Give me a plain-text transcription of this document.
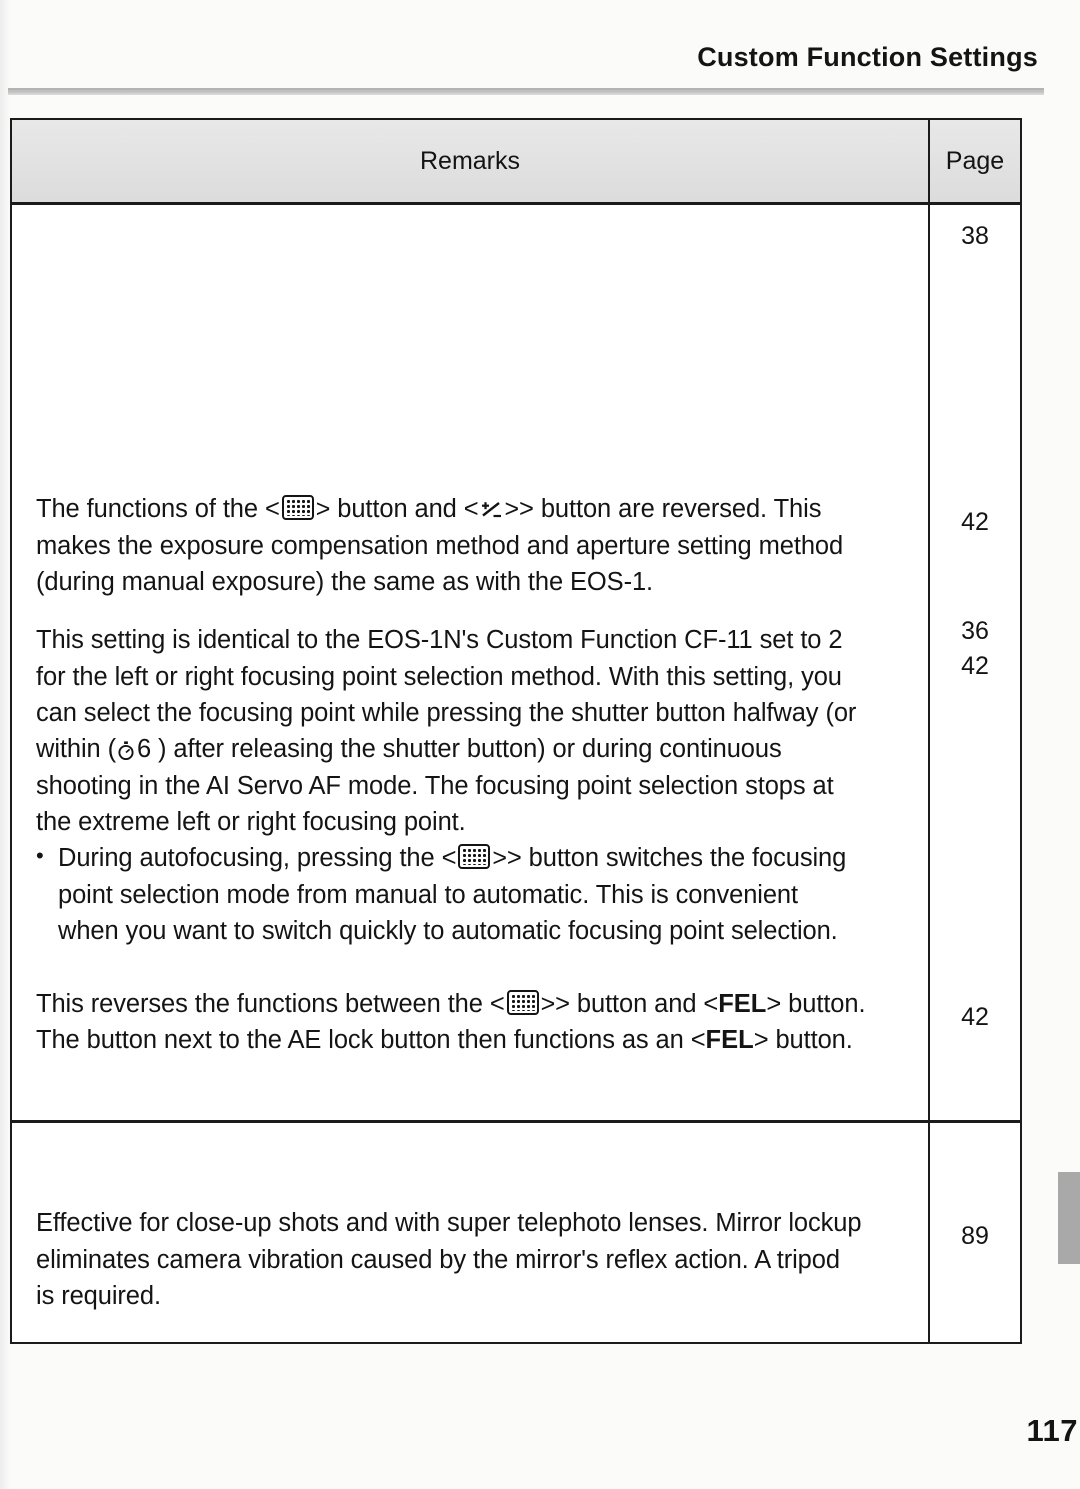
Custom Function Settings
Remarks	Page
38
The functions of the < > button and < >> button are reversed. This
makes the exposure compensation method and aperture setting method
(during manual exposure) the same as with the EOS-1.
42
This setting is identical to the EOS-1N's Custom Function CF-11 set to 2
for the left or right focusing point selection method. With this setting, you
can select the focusing point while pressing the shutter button halfway (or
within ( 6 ) after releasing the shutter button) or during continuous
shooting in the AI Servo AF mode. The focusing point selection stops at
the extreme left or right focusing point.
• During autofocusing, pressing the < >> button switches the focusing
point selection mode from manual to automatic. This is convenient
when you want to switch quickly to automatic focusing point selection.
36
42
This reverses the functions between the < >> button and <FEL> button.
The button next to the AE lock button then functions as an <FEL> button.
42
Effective for close-up shots and with super telephoto lenses. Mirror lockup
eliminates camera vibration caused by the mirror's reflex action. A tripod
is required.
89
117
